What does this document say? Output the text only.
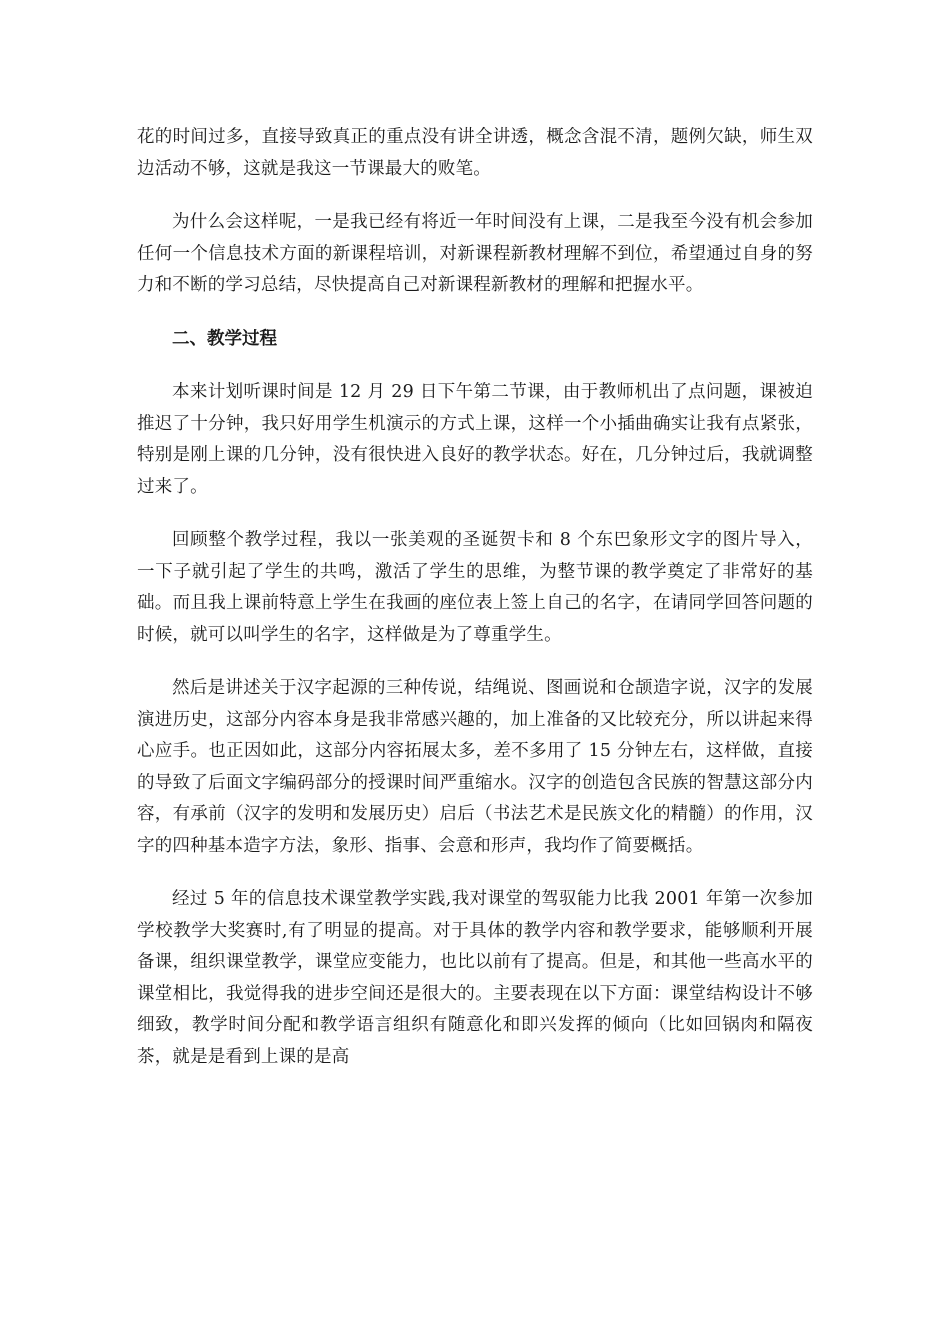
花的时间过多，直接导致真正的重点没有讲全讲透，概念含混不清，题例欠缺，师生双边活动不够，这就是我这一节课最大的败笔。

为什么会这样呢，一是我已经有将近一年时间没有上课，二是我至今没有机会参加任何一个信息技术方面的新课程培训，对新课程新教材理解不到位，希望通过自身的努力和不断的学习总结，尽快提高自己对新课程新教材的理解和把握水平。

二、教学过程

本来计划听课时间是 12 月 29 日下午第二节课，由于教师机出了点问题，课被迫推迟了十分钟，我只好用学生机演示的方式上课，这样一个小插曲确实让我有点紧张，特别是刚上课的几分钟，没有很快进入良好的教学状态。好在，几分钟过后，我就调整过来了。

回顾整个教学过程，我以一张美观的圣诞贺卡和 8 个东巴象形文字的图片导入，一下子就引起了学生的共鸣，激活了学生的思维，为整节课的教学奠定了非常好的基础。而且我上课前特意上学生在我画的座位表上签上自己的名字，在请同学回答问题的时候，就可以叫学生的名字，这样做是为了尊重学生。

然后是讲述关于汉字起源的三种传说，结绳说、图画说和仓颉造字说，汉字的发展演进历史，这部分内容本身是我非常感兴趣的，加上准备的又比较充分，所以讲起来得心应手。也正因如此，这部分内容拓展太多，差不多用了 15 分钟左右，这样做，直接的导致了后面文字编码部分的授课时间严重缩水。汉字的创造包含民族的智慧这部分内容，有承前（汉字的发明和发展历史）启后（书法艺术是民族文化的精髓）的作用，汉字的四种基本造字方法，象形、指事、会意和形声，我均作了简要概括。

经过 5 年的信息技术课堂教学实践,我对课堂的驾驭能力比我 2001 年第一次参加学校教学大奖赛时,有了明显的提高。对于具体的教学内容和教学要求，能够顺利开展备课，组织课堂教学，课堂应变能力，也比以前有了提高。但是，和其他一些高水平的课堂相比，我觉得我的进步空间还是很大的。主要表现在以下方面：课堂结构设计不够细致，教学时间分配和教学语言组织有随意化和即兴发挥的倾向（比如回锅肉和隔夜茶，就是是看到上课的是高
